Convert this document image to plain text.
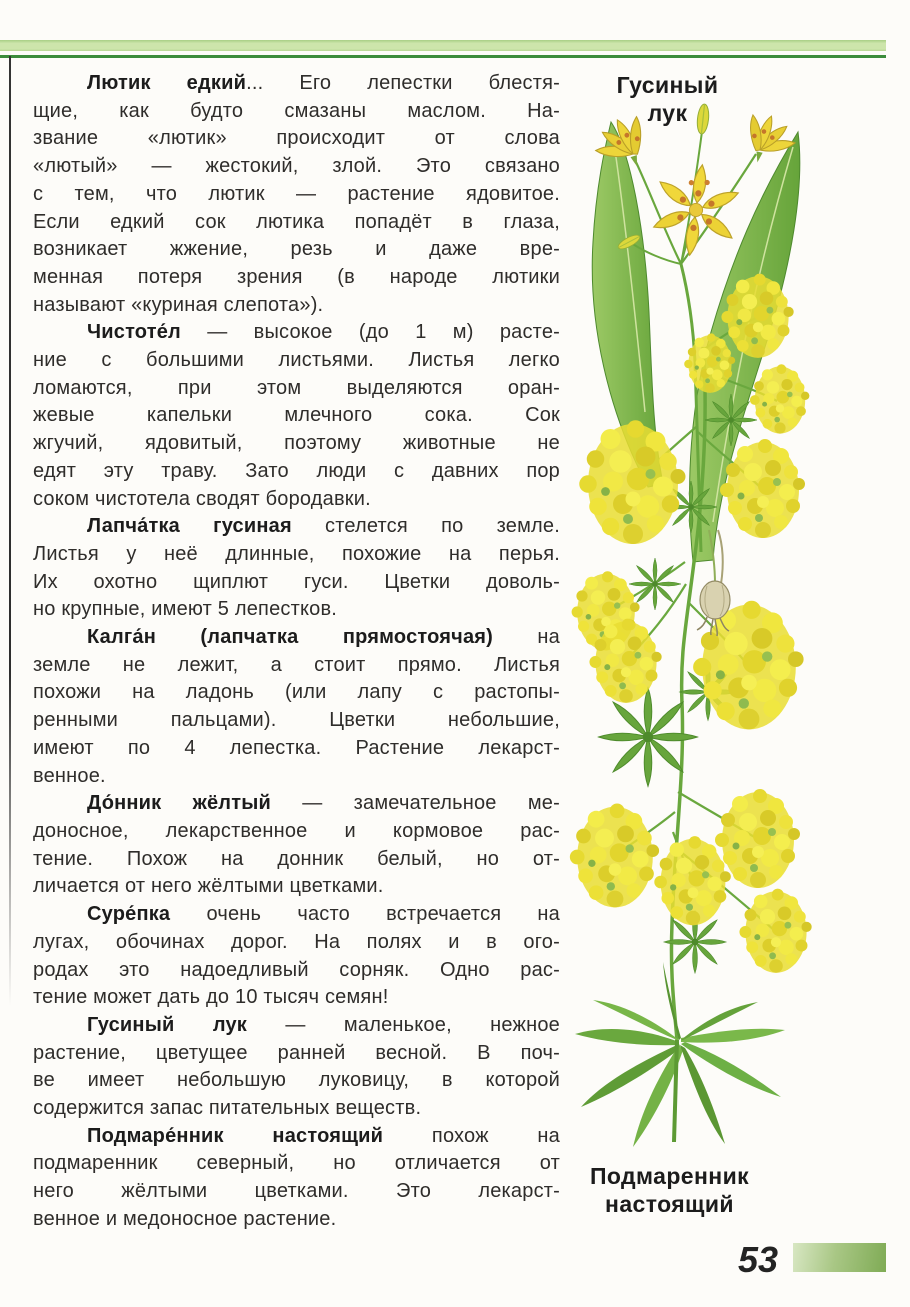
Лютик едкий... Его лепестки блестя-
щие, как будто смазаны маслом. На-
звание «лютик» происходит от слова
«лютый» — жестокий, злой. Это связано
с тем, что лютик — растение ядовитое.
Если едкий сок лютика попадёт в глаза,
возникает жжение, резь и даже вре-
менная потеря зрения (в народе лютики
называют «куриная слепота»).
Чистоте́л — высокое (до 1 м) расте-
ние с большими листьями. Листья легко
ломаются, при этом выделяются оран-
жевые капельки млечного сока. Сок
жгучий, ядовитый, поэтому животные не
едят эту траву. Зато люди с давних пор
соком чистотела сводят бородавки.
Лапча́тка гусиная стелется по земле.
Листья у неё длинные, похожие на перья.
Их охотно щиплют гуси. Цветки доволь-
но крупные, имеют 5 лепестков.
Калга́н (лапчатка прямостоячая) на
земле не лежит, а стоит прямо. Листья
похожи на ладонь (или лапу с растопы-
ренными пальцами). Цветки небольшие,
имеют по 4 лепестка. Растение лекарст-
венное.
До́нник жёлтый — замечательное ме-
доносное, лекарственное и кормовое рас-
тение. Похож на донник белый, но от-
личается от него жёлтыми цветками.
Суре́пка очень часто встречается на
лугах, обочинах дорог. На полях и в ого-
родах это надоедливый сорняк. Одно рас-
тение может дать до 10 тысяч семян!
Гусиный лук — маленькое, нежное
растение, цветущее ранней весной. В поч-
ве имеет небольшую луковицу, в которой
содержится запас питательных веществ.
Подмаре́нник настоящий похож на
подмаренник северный, но отличается от
него жёлтыми цветками. Это лекарст-
венное и медоносное растение.
Гусиный
лук
Подмаренник
настоящий
53
